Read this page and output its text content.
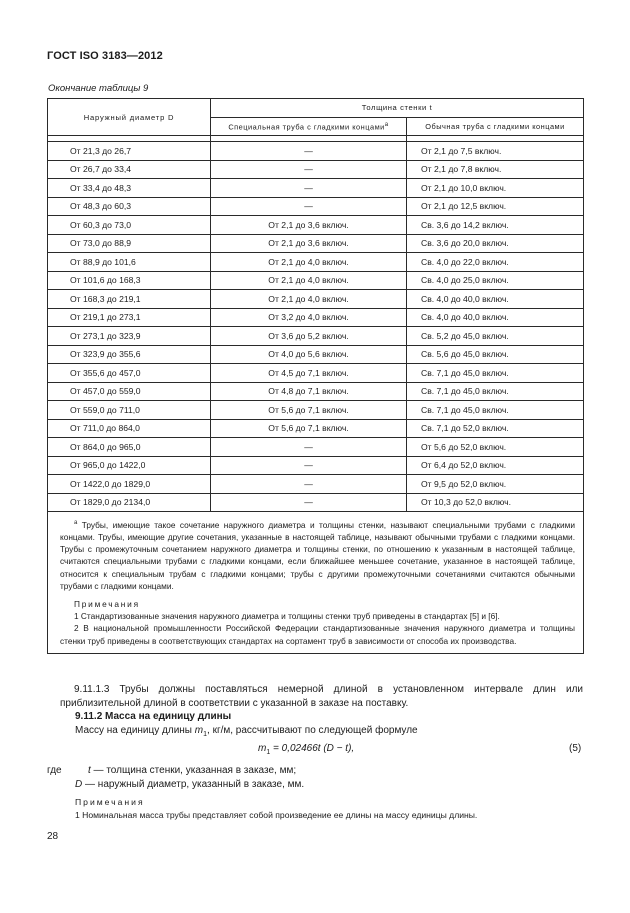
ГОСТ ISO 3183—2012
Окончание таблицы 9
Наружный диаметр D	Толщина стенки t	
	Специальная труба с гладкими концами$^a$	Обычная труба с гладкими концами

От 21,3 до 26,7	—	От 2,1 до 7,5 включ.
От 26,7 до 33,4	—	От 2,1 до 7,8 включ.
От 33,4 до 48,3	—	От 2,1 до 10,0 включ.
От 48,3 до 60,3	—	От 2,1 до 12,5 включ.
От 60,3 до 73,0	От 2,1 до 3,6 включ.	Св. 3,6 до 14,2 включ.
От 73,0 до 88,9	От 2,1 до 3,6 включ.	Св. 3,6 до 20,0 включ.
От 88,9 до 101,6	От 2,1 до 4,0 включ.	Св. 4,0 до 22,0 включ.
От 101,6 до 168,3	От 2,1 до 4,0 включ.	Св. 4,0 до 25,0 включ.
От 168,3 до 219,1	От 2,1 до 4,0 включ.	Св. 4,0 до 40,0 включ.
От 219,1 до 273,1	От 3,2 до 4,0 включ.	Св. 4,0 до 40,0 включ.
От 273,1 до 323,9	От 3,6 до 5,2 включ.	Св. 5,2 до 45,0 включ.
От 323,9 до 355,6	От 4,0 до 5,6 включ.	Св. 5,6 до 45,0 включ.
От 355,6 до 457,0	От 4,5 до 7,1 включ.	Св. 7,1 до 45,0 включ.
От 457,0 до 559,0	От 4,8 до 7,1 включ.	Св. 7,1 до 45,0 включ.
От 559,0 до 711,0	От 5,6 до 7,1 включ.	Св. 7,1 до 45,0 включ.
От 711,0 до 864,0	От 5,6 до 7,1 включ.	Св. 7,1 до 52,0 включ.
От 864,0 до 965,0	—	От 5,6 до 52,0 включ.
От 965,0 до 1422,0	—	От 6,4 до 52,0 включ.
От 1422,0 до 1829,0	—	От 9,5 до 52,0 включ.
От 1829,0 до 2134,0	—	От 10,3 до 52,0 включ.

$^a$ Трубы, имеющие такое сочетание наружного диаметра и толщины стенки, называют специальными трубами с гладкими концами. Трубы, имеющие другие сочетания, указанные в настоящей таблице, называют обычными трубами с гладкими концами. Трубы с промежуточным сочетанием наружного диаметра и толщины стенки, по отношению к указанным в настоящей таблице, считаются специальными трубами с гладкими концами, если ближайшее меньшее сочетание, указанное в настоящей таблице, относится к специальным трубам с гладкими концами; трубы с другими промежуточными сочетаниями считаются обычными трубами с гладкими концами.

Примечания

1 Стандартизованные значения наружного диаметра и толщины стенки труб приведены в стандартах [5] и [6].

2 В национальной промышленности Российской Федерации стандартизованные значения наружного диаметра и толщины стенки труб приведены в соответствующих стандартах на сортамент труб в зависимости от способа их производства.		

9.11.1.3 Трубы должны поставляться немерной длиной в установленном интервале длин или приблизительной длиной в соответствии с указанной в заказе на поставку.
9.11.2 Масса на единицу длины
Массу на единицу длины $m_1$, кг/м, рассчитывают по следующей формуле
$m_1 = 0,02466t$ (D − t),	(5)
где	t — толщина стенки, указанная в заказе, мм;
D — наружный диаметр, указанный в заказе, мм.
Примечания
1 Номинальная масса трубы представляет собой произведение ее длины на массу единицы длины.
28
